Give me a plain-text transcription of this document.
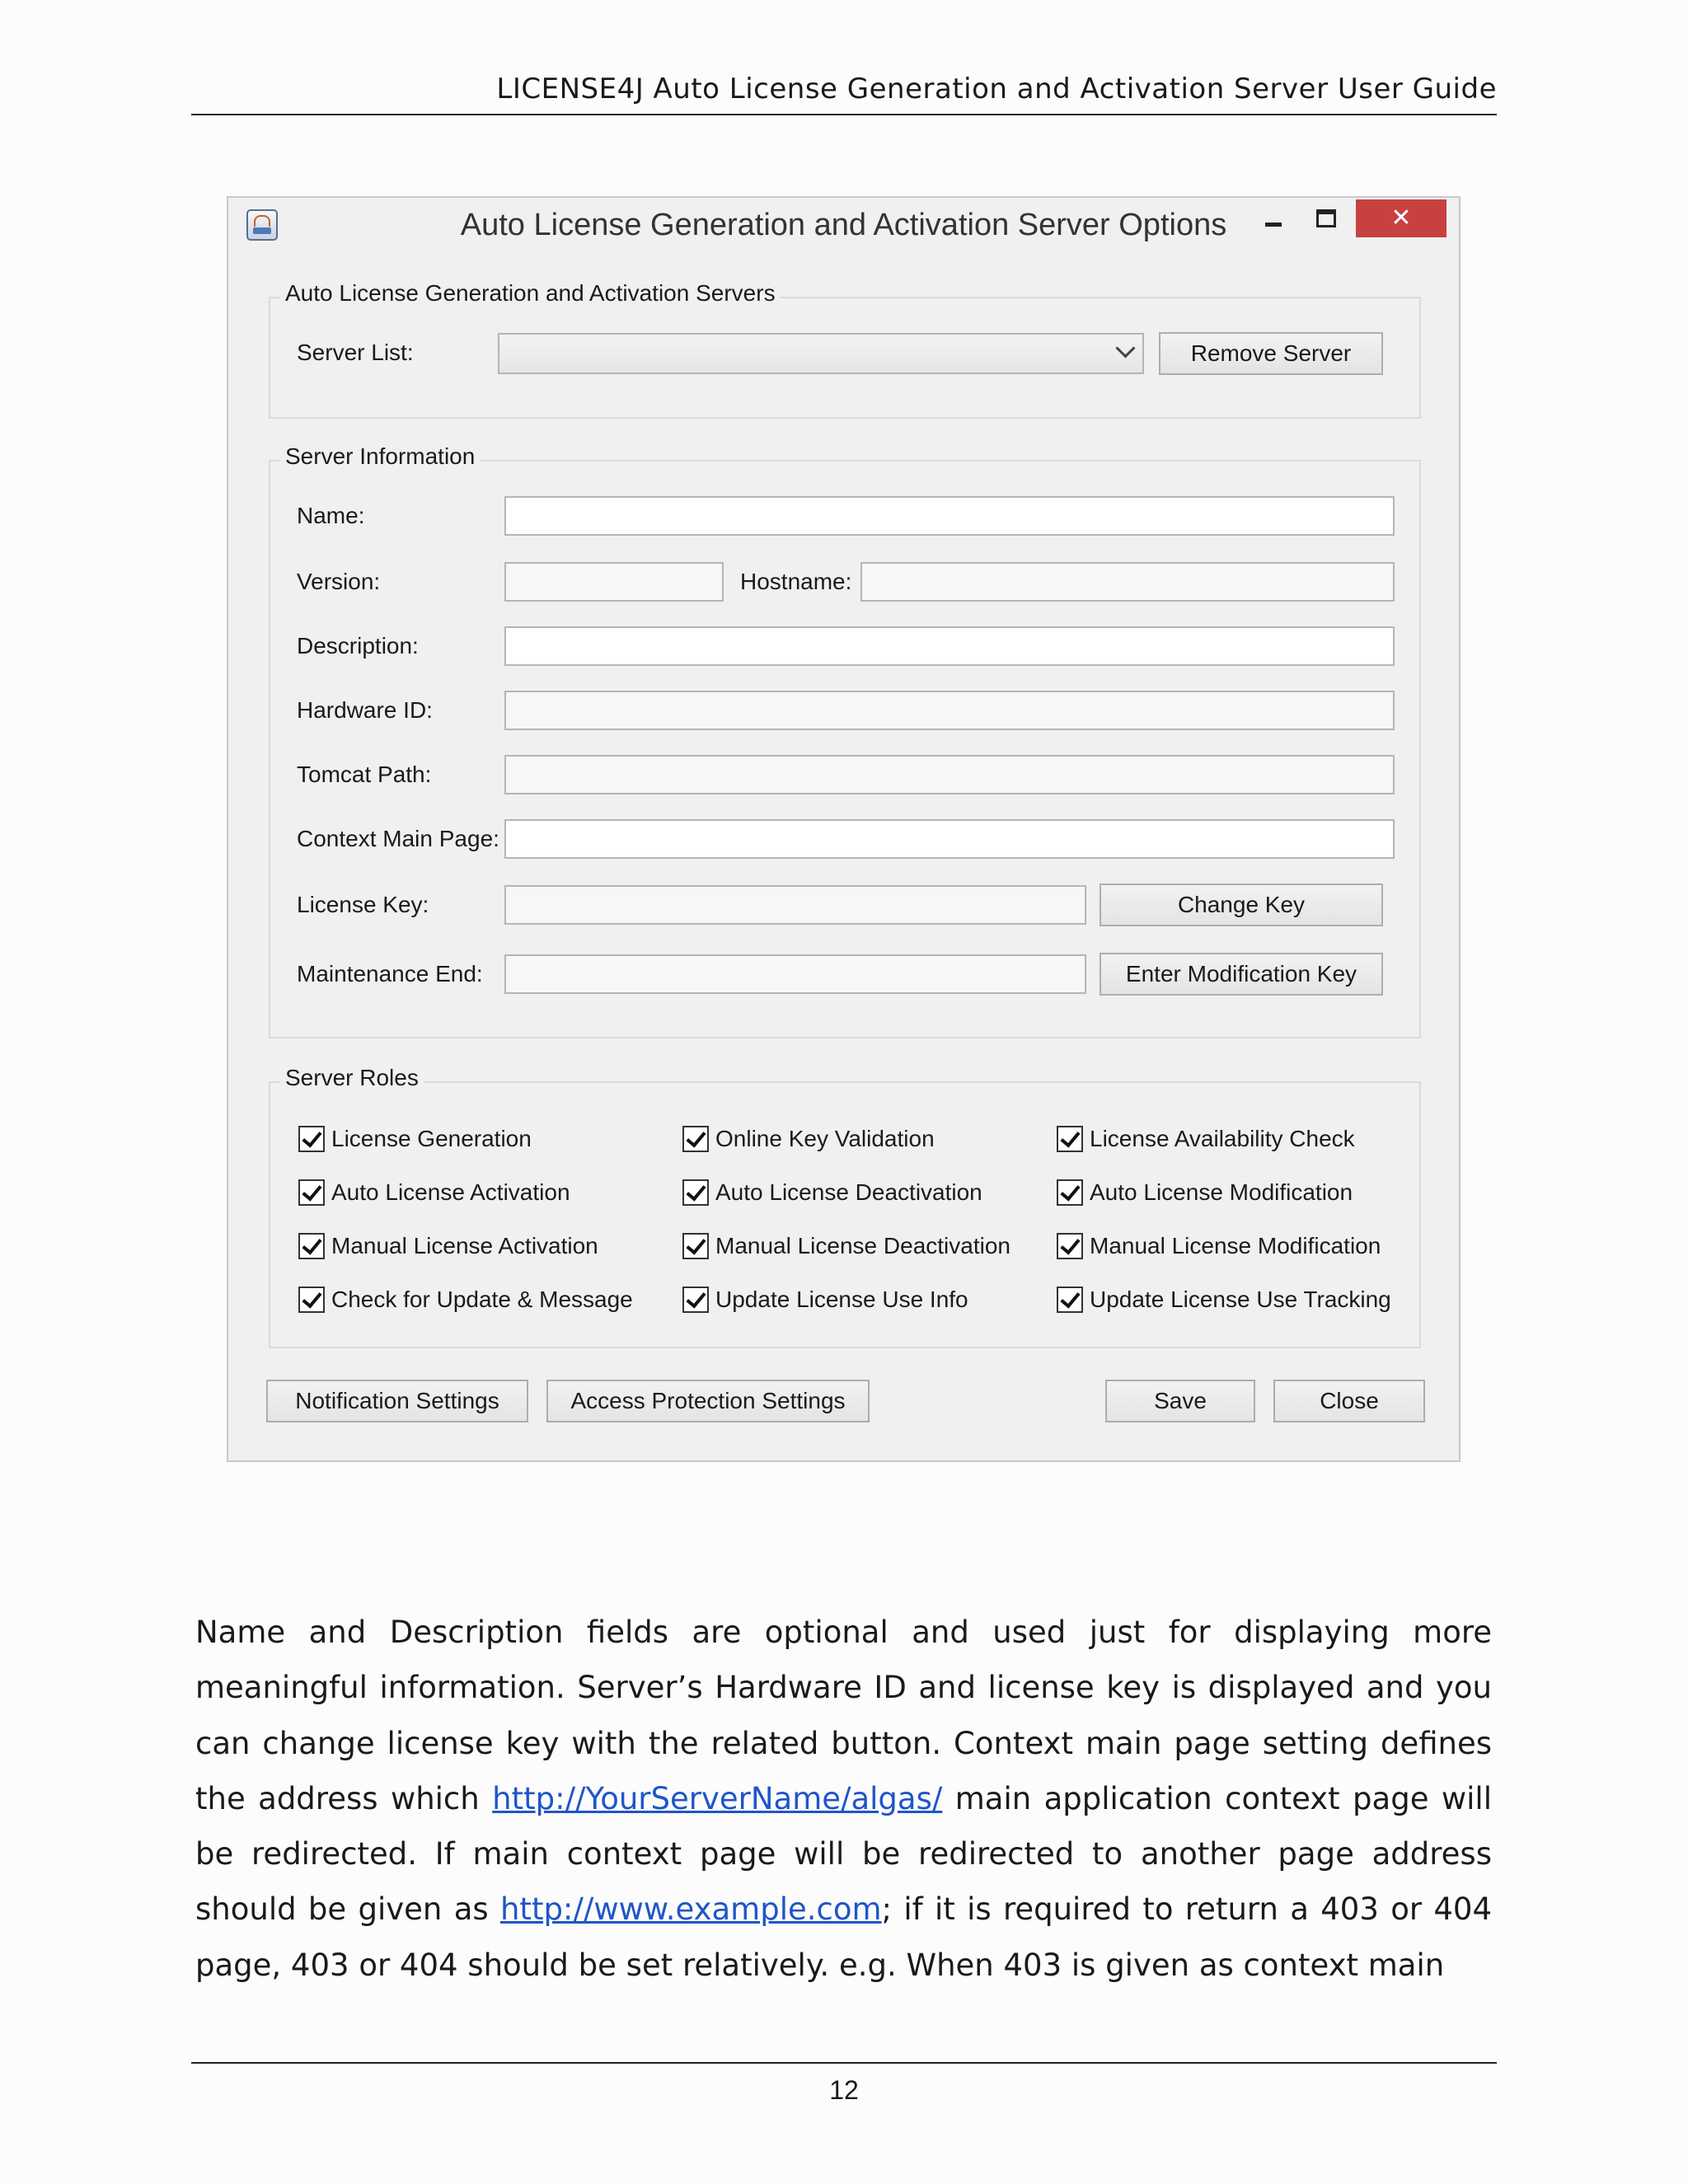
LICENSE4J Auto License Generation and Activation Server User Guide
Auto License Generation and Activation Server Options	✕
Auto License Generation and Activation Servers
Server List:	Remove Server
Server Information
Name:
Version:	Hostname:
Description:
Hardware ID:
Tomcat Path:
Context Main Page:
License Key:	Change Key
Maintenance End:	Enter Modification Key
Server Roles
License Generation	Online Key Validation	License Availability Check
Auto License Activation	Auto License Deactivation	Auto License Modification
Manual License Activation	Manual License Deactivation	Manual License Modification
Check for Update & Message	Update License Use Info	Update License Use Tracking
Notification Settings	Access Protection Settings	Save	Close

Name and Description fields are optional and used just for displaying more meaningful information. Server’s Hardware ID and license key is displayed and you can change license key with the related button. Context main page setting defines the address which http://YourServerName/algas/ main application context page will be redirected. If main context page will be redirected to another page address should be given as http://www.example.com; if it is required to return a 403 or 404 page, 403 or 404 should be set relatively. e.g. When 403 is given as context main

12
